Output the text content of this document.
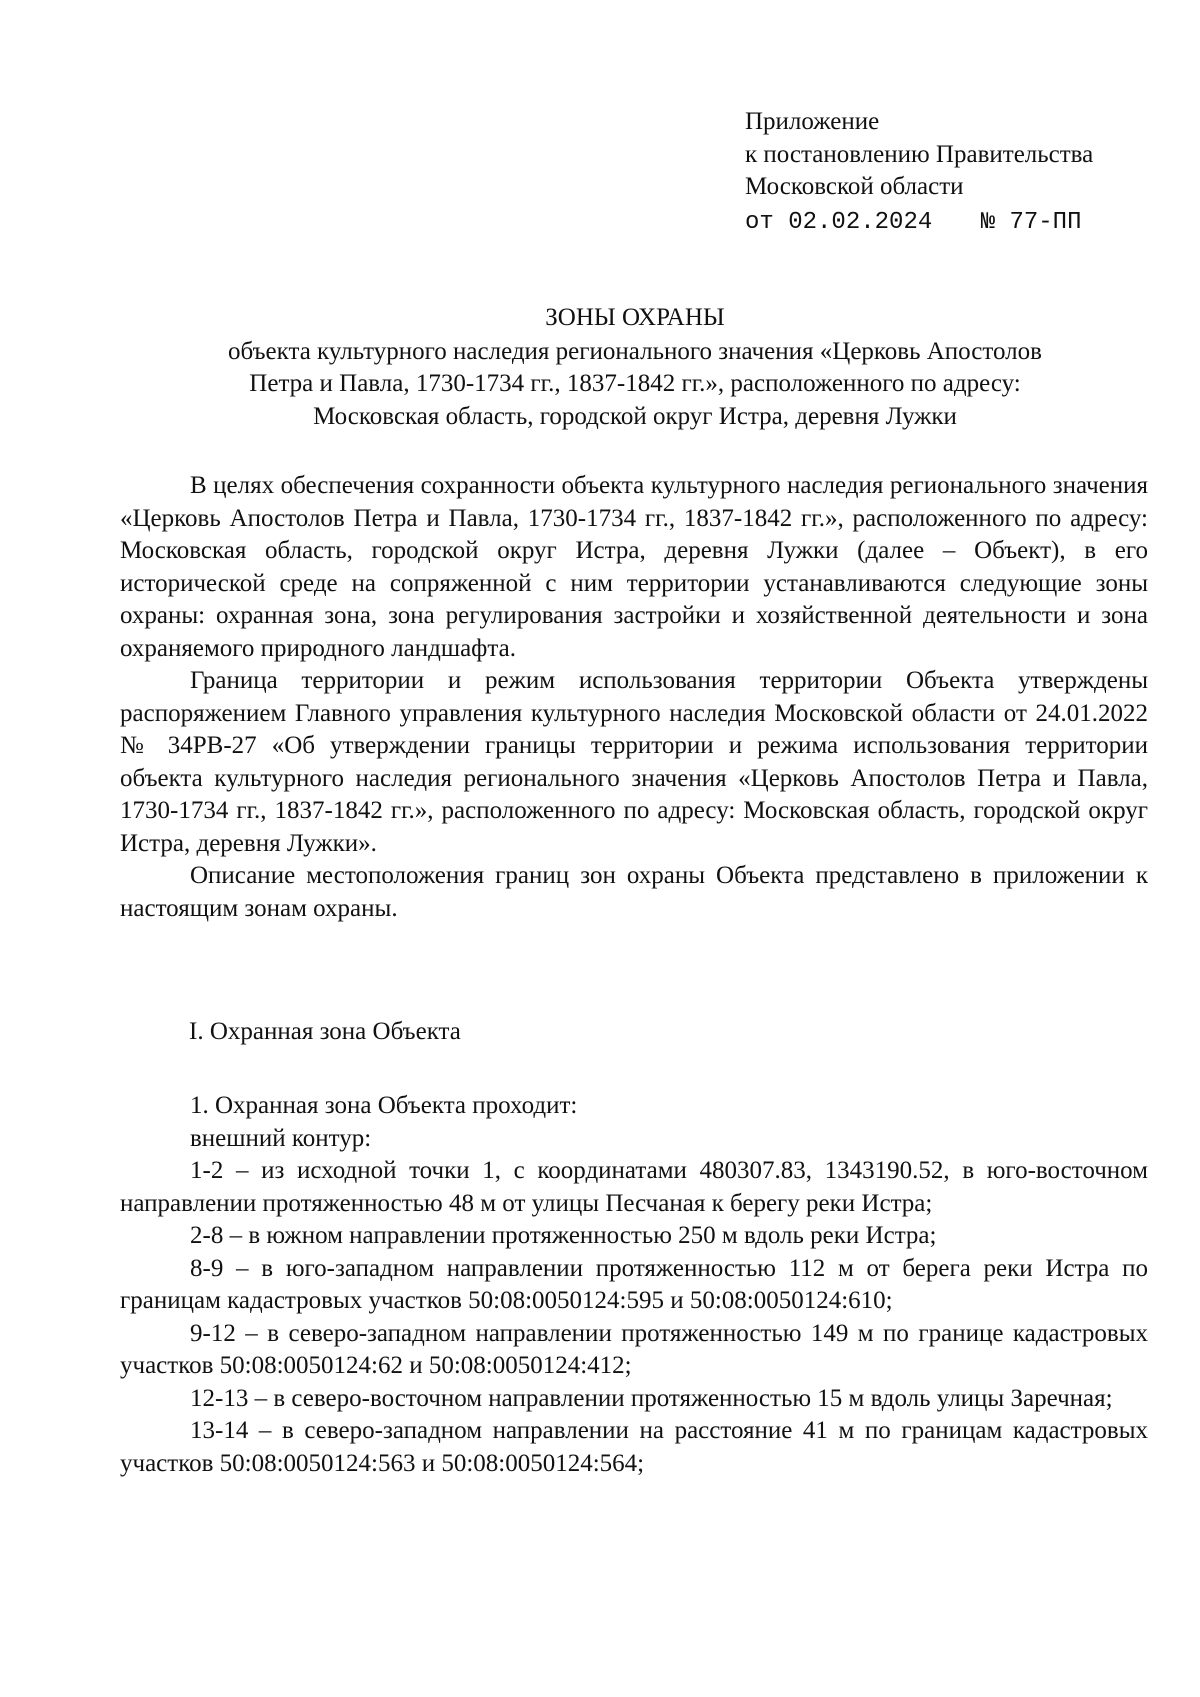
Приложение
к постановлению Правительства
Московской области
от 02.02.2024 № 77-ПП
ЗОНЫ ОХРАНЫ
объекта культурного наследия регионального значения «Церковь Апостолов
Петра и Павла, 1730-1734 гг., 1837-1842 гг.», расположенного по адресу:
Московская область, городской округ Истра, деревня Лужки

В целях обеспечения сохранности объекта культурного наследия регионального значения «Церковь Апостолов Петра и Павла, 1730-1734 гг., 1837-1842 гг.», расположенного по адресу: Московская область, городской округ Истра, деревня Лужки (далее – Объект), в его исторической среде на сопряженной с ним территории устанавливаются следующие зоны охраны: охранная зона, зона регулирования застройки и хозяйственной деятельности и зона охраняемого природного ландшафта.

Граница территории и режим использования территории Объекта утверждены распоряжением Главного управления культурного наследия Московской области от 24.01.2022 № 34РВ-27 «Об утверждении границы территории и режима использования территории объекта культурного наследия регионального значения «Церковь Апостолов Петра и Павла, 1730-1734 гг., 1837-1842 гг.», расположенного по адресу: Московская область, городской округ Истра, деревня Лужки».

Описание местоположения границ зон охраны Объекта представлено в приложении к настоящим зонам охраны.

I. Охранная зона Объекта

1. Охранная зона Объекта проходит:

внешний контур:

1-2 – из исходной точки 1, с координатами 480307.83, 1343190.52, в юго-восточном направлении протяженностью 48 м от улицы Песчаная к берегу реки Истра;

2-8 – в южном направлении протяженностью 250 м вдоль реки Истра;

8-9 – в юго-западном направлении протяженностью 112 м от берега реки Истра по границам кадастровых участков 50:08:0050124:595 и 50:08:0050124:610;

9-12 – в северо-западном направлении протяженностью 149 м по границе кадастровых участков 50:08:0050124:62 и 50:08:0050124:412;

12-13 – в северо-восточном направлении протяженностью 15 м вдоль улицы Заречная;

13-14 – в северо-западном направлении на расстояние 41 м по границам кадастровых участков 50:08:0050124:563 и 50:08:0050124:564;
